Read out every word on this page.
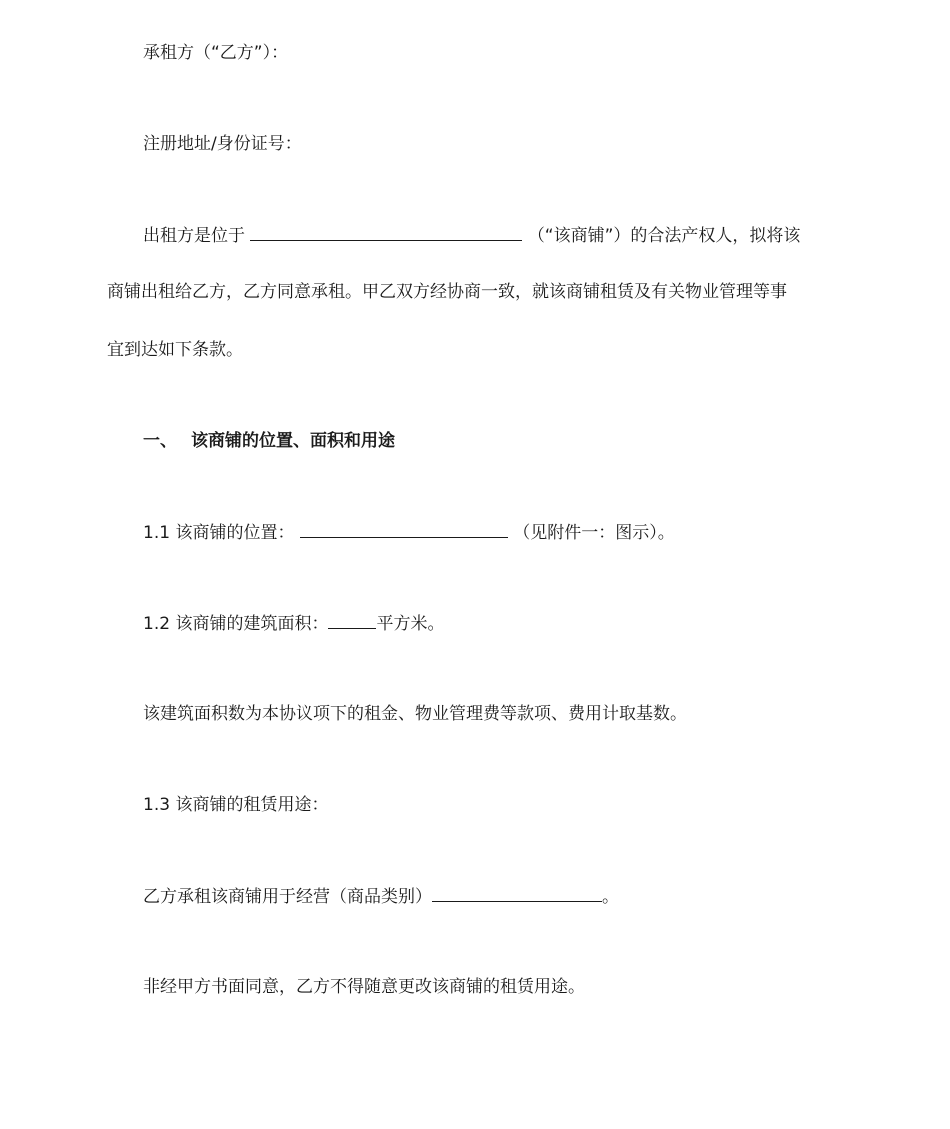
承租方（“乙方”）：
注册地址/身份证号：
出租方是位于	（“该商铺”）的合法产权人，拟将该
商铺出租给乙方，乙方同意承租。甲乙双方经协商一致，就该商铺租赁及有关物业管理等事
宜到达如下条款。
一、 该商铺的位置、面积和用途
1.1 该商铺的位置：	（见附件一：图示）。
1.2 该商铺的建筑面积：	平方米。
该建筑面积数为本协议项下的租金、物业管理费等款项、费用计取基数。
1.3 该商铺的租赁用途：
乙方承租该商铺用于经营（商品类别）	。
非经甲方书面同意，乙方不得随意更改该商铺的租赁用途。
